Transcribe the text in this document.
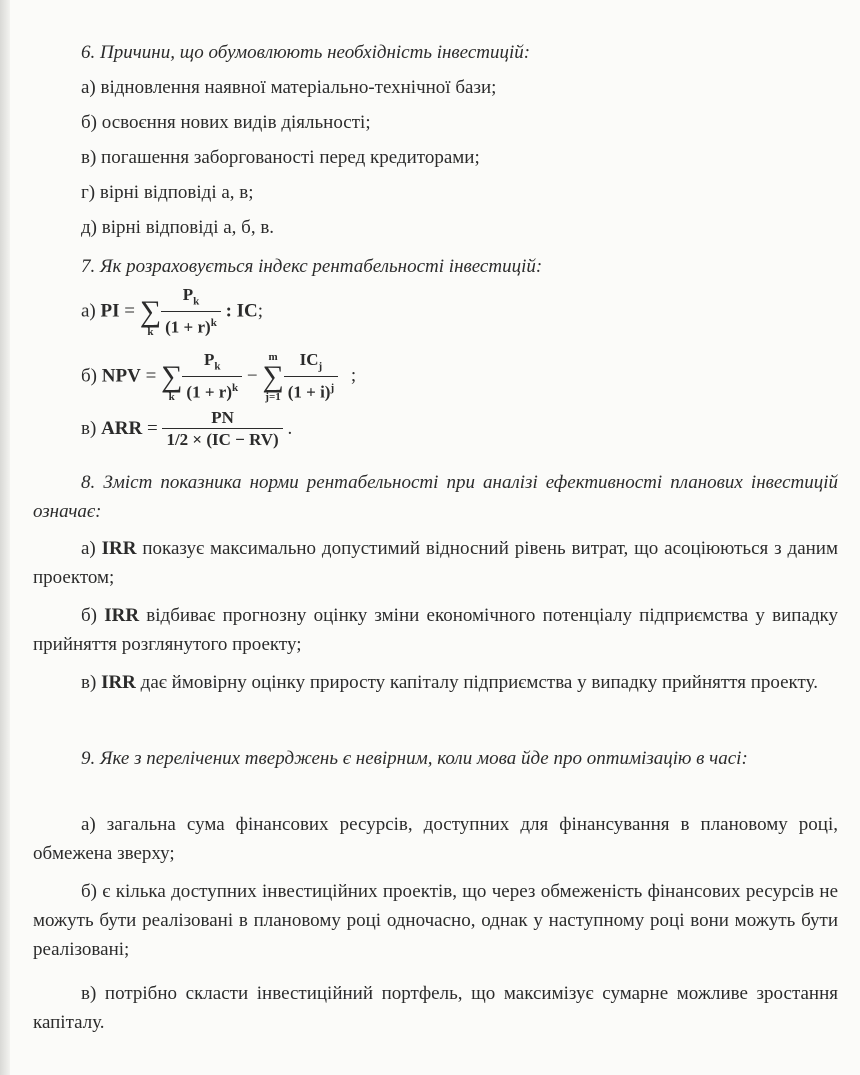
6. Причини, що обумовлюють необхідність інвестицій:
а) відновлення наявної матеріально-технічної бази;
б) освоєння нових видів діяльності;
в) погашення заборгованості перед кредиторами;
г) вірні відповіді а, в;
д) вірні відповіді а, б, в.
7. Як розраховується індекс рентабельності інвестицій:
а) PI = ∑
k $\frac{P_k}{(1 + r)^k}$ : IC;
б) NPV = ∑
k $\frac{P_k}{(1 + r)^k}$ −
m
∑
$j=1 \frac{IC_j}{(1 + i)^j}$ ;
в) ARR = $\frac{PN}{1/2 \times (IC - RV)}$ .
8. Зміст показника норми рентабельності при аналізі ефективності планових інвестицій означає:
а) IRR показує максимально допустимий відносний рівень витрат, що асоціюються з даним проектом;
б) IRR відбиває прогнозну оцінку зміни економічного потенціалу підприємства у випадку прийняття розглянутого проекту;
в) IRR дає ймовірну оцінку приросту капіталу підприємства у випадку прийняття проекту.
9. Яке з перелічених тверджень є невірним, коли мова йде про оптимізацію в часі:
а) загальна сума фінансових ресурсів, доступних для фінансування в плановому році, обмежена зверху;
б) є кілька доступних інвестиційних проектів, що через обмеженість фінансових ресурсів не можуть бути реалізовані в плановому році одночасно, однак у наступному році вони можуть бути реалізовані;
в) потрібно скласти інвестиційний портфель, що максимізує сумарне можливе зростання капіталу.
